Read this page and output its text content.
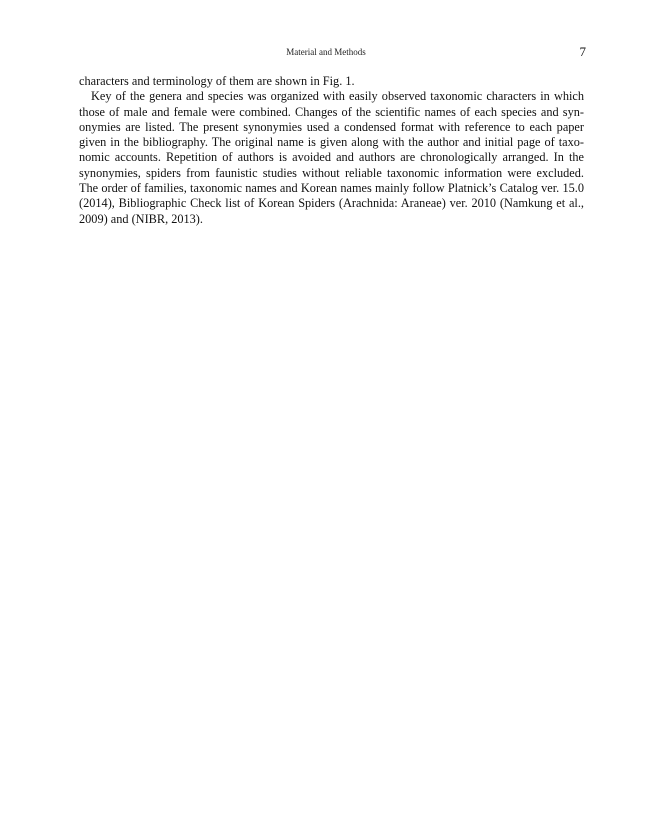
Material and Methods	7

characters and terminology of them are shown in Fig. 1.

Key of the genera and species was organized with easily observed taxonomic characters in which those of male and female were combined. Changes of the scientific names of each species and synonymies are listed. The present synonymies used a condensed format with reference to each paper given in the bibliography. The original name is given along with the author and initial page of taxonomic accounts. Repetition of authors is avoided and authors are chronologically arranged. In the synonymies, spiders from faunistic studies without reliable taxonomic information were excluded. The order of families, taxonomic names and Korean names mainly follow Platnick’s Catalog ver. 15.0 (2014), Bibliographic Check list of Korean Spiders (Arachnida: Araneae) ver. 2010 (Namkung et al., 2009) and (NIBR, 2013).
